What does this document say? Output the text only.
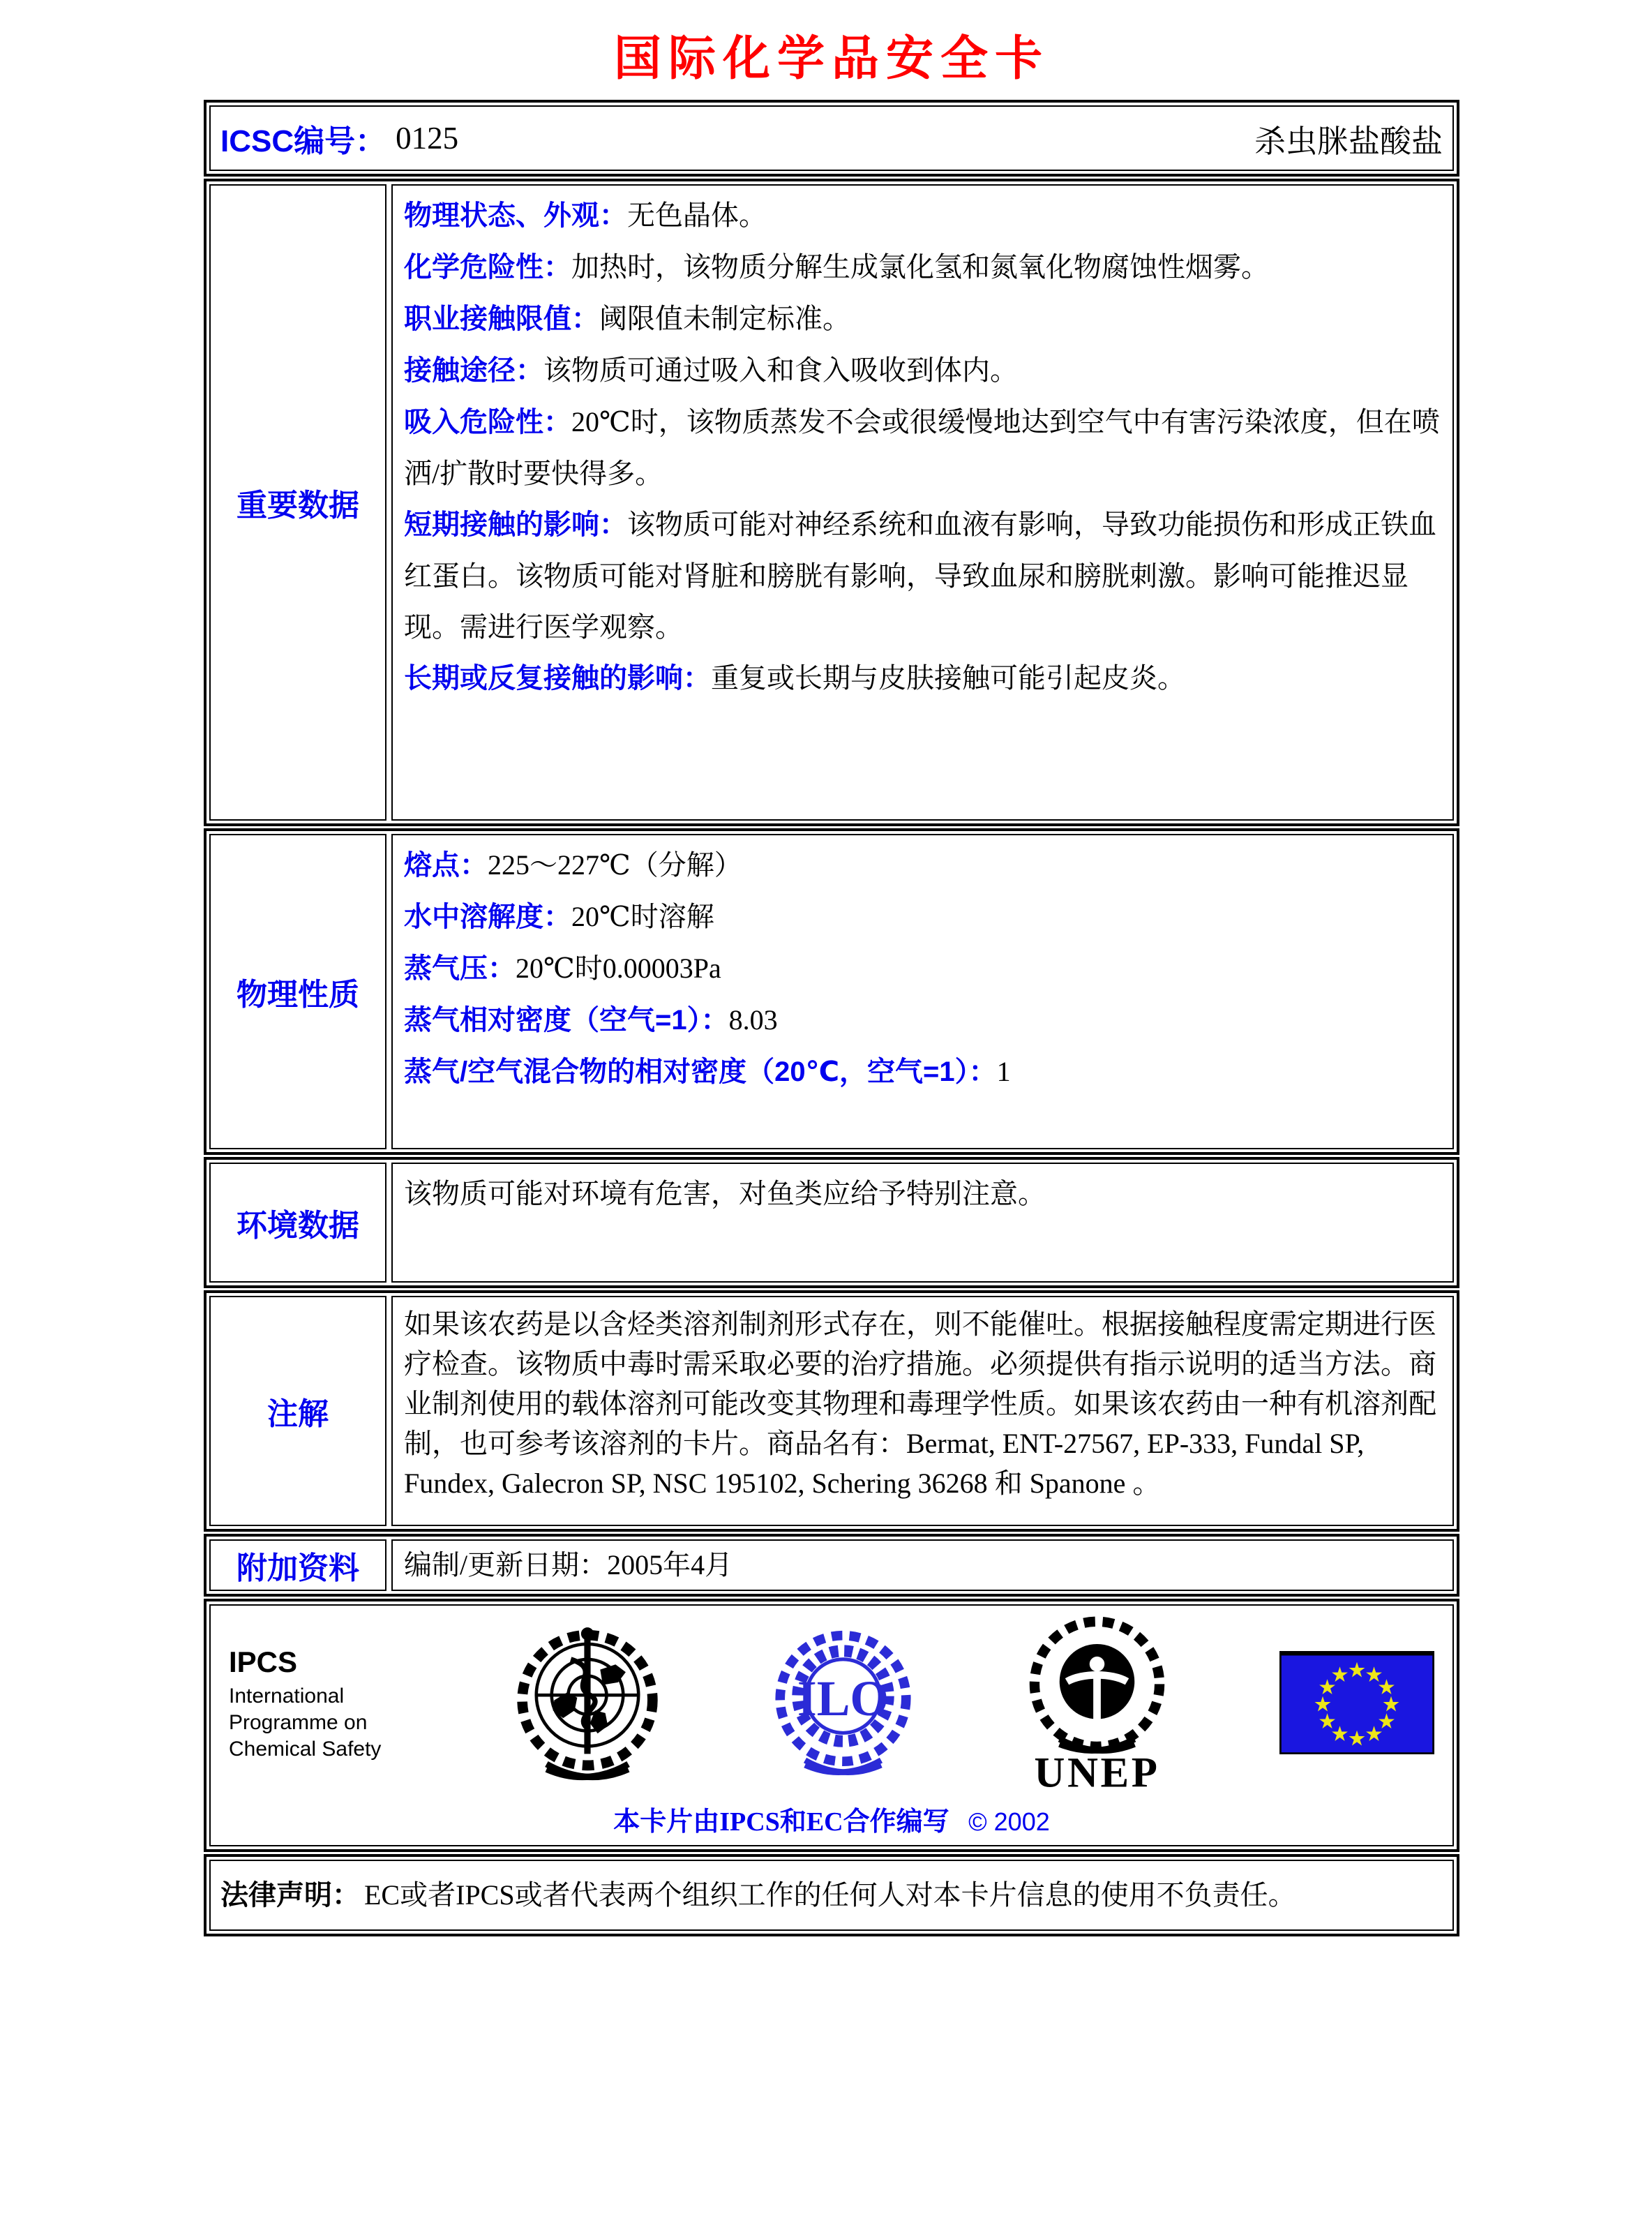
国际化学品安全卡
ICSC编号： 0125	杀虫脒盐酸盐
重要数据
物理状态、外观：无色晶体。
化学危险性：加热时，该物质分解生成氯化氢和氮氧化物腐蚀性烟雾。
职业接触限值：阈限值未制定标准。
接触途径：该物质可通过吸入和食入吸收到体内。
吸入危险性：20℃时，该物质蒸发不会或很缓慢地达到空气中有害污染浓度，但在喷洒/扩散时要快得多。
短期接触的影响：该物质可能对神经系统和血液有影响，导致功能损伤和形成正铁血红蛋白。该物质可能对肾脏和膀胱有影响，导致血尿和膀胱刺激。影响可能推迟显现。需进行医学观察。
长期或反复接触的影响：重复或长期与皮肤接触可能引起皮炎。
物理性质
熔点：225～227℃（分解）
水中溶解度：20℃时溶解
蒸气压：20℃时0.00003Pa
蒸气相对密度（空气=1）：8.03
蒸气/空气混合物的相对密度（20℃，空气=1）：1
环境数据
该物质可能对环境有危害，对鱼类应给予特别注意。
注解
如果该农药是以含烃类溶剂制剂形式存在，则不能催吐。根据接触程度需定期进行医疗检查。该物质中毒时需采取必要的治疗措施。必须提供有指示说明的适当方法。商业制剂使用的载体溶剂可能改变其物理和毒理学性质。如果该农药由一种有机溶剂配制，也可参考该溶剂的卡片。商品名有：Bermat, ENT-27567, EP-333, Fundal SP, Fundex, Galecron SP, NSC 195102, Schering 36268 和 Spanone 。
附加资料	编制/更新日期：2005年4月
IPCS
International
Programme on
Chemical Safety
ILO
UNEP
本卡片由IPCS和EC合作编写 © 2002
法律声明： EC或者IPCS或者代表两个组织工作的任何人对本卡片信息的使用不负责任。
